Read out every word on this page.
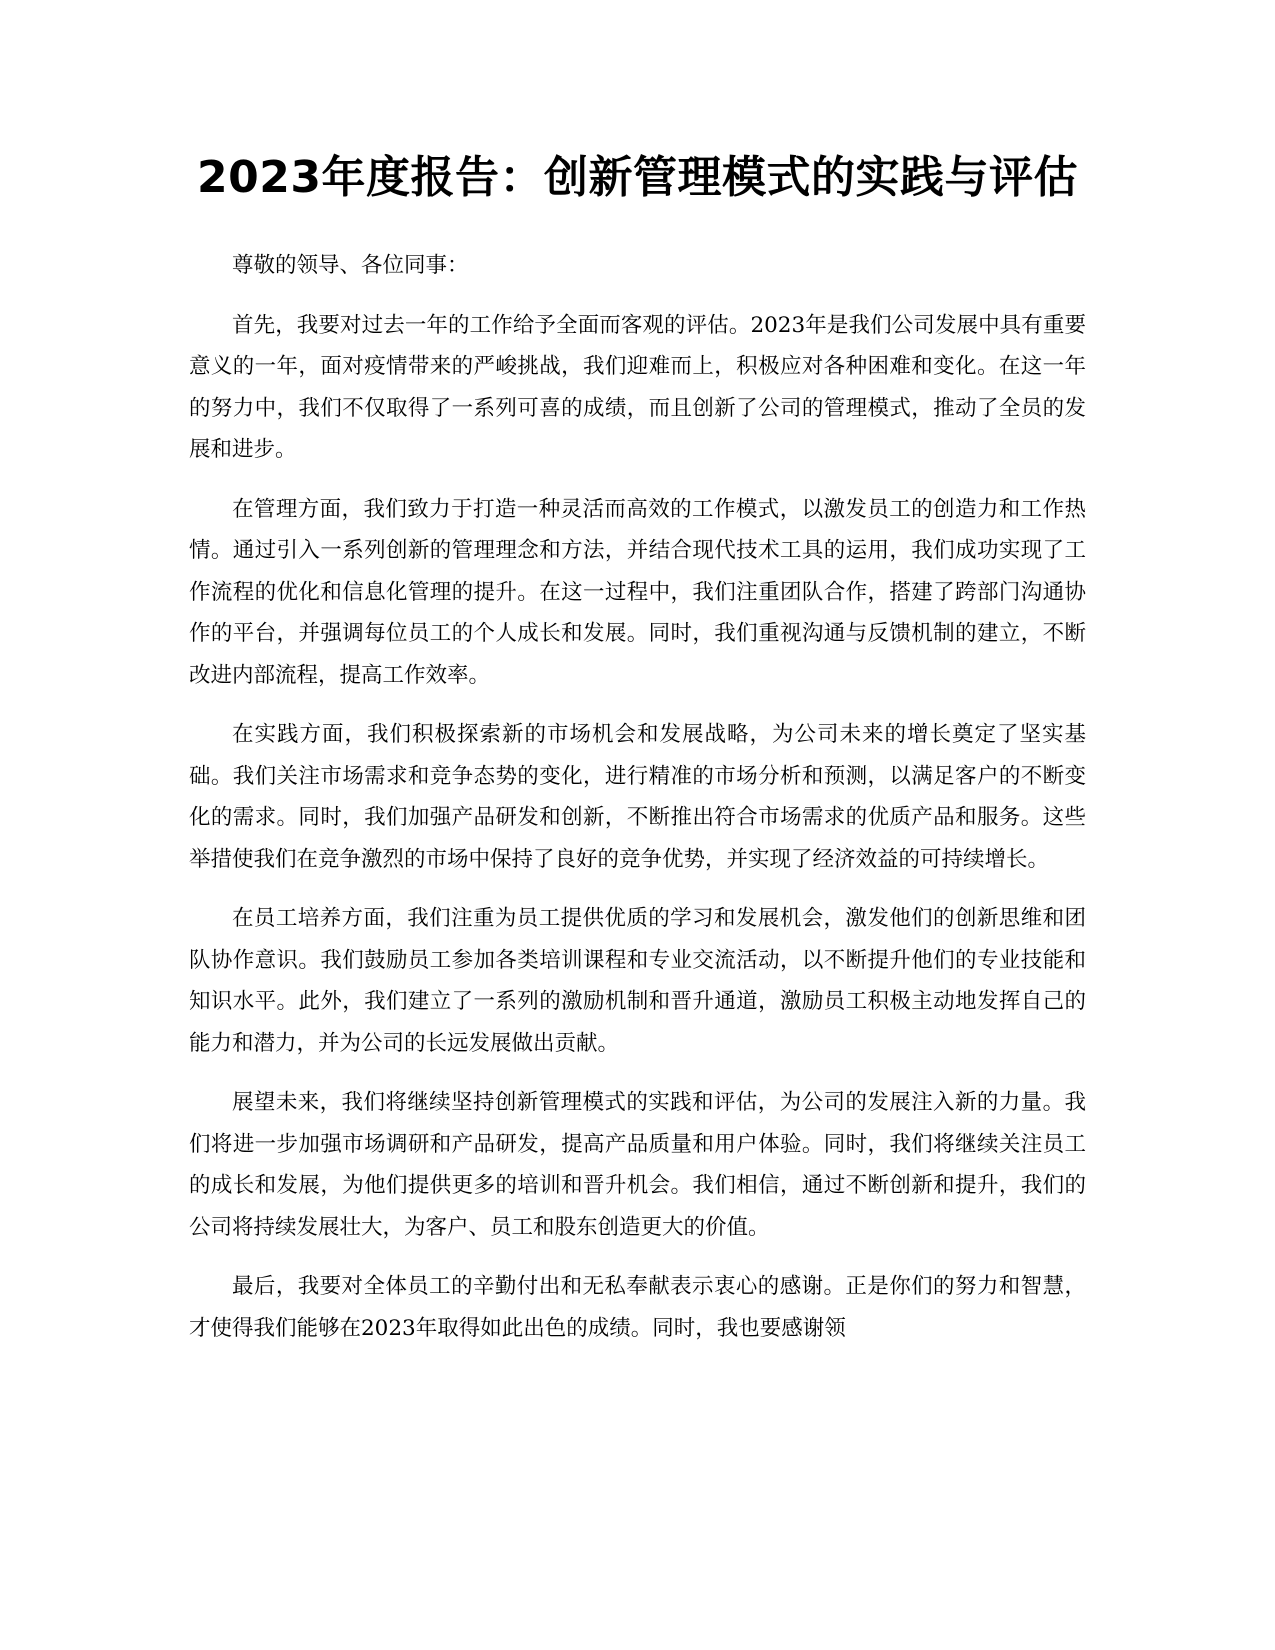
2023年度报告：创新管理模式的实践与评估

尊敬的领导、各位同事：

首先，我要对过去一年的工作给予全面而客观的评估。2023年是我们公司发展中具有重要意义的一年，面对疫情带来的严峻挑战，我们迎难而上，积极应对各种困难和变化。在这一年的努力中，我们不仅取得了一系列可喜的成绩，而且创新了公司的管理模式，推动了全员的发展和进步。

在管理方面，我们致力于打造一种灵活而高效的工作模式，以激发员工的创造力和工作热情。通过引入一系列创新的管理理念和方法，并结合现代技术工具的运用，我们成功实现了工作流程的优化和信息化管理的提升。在这一过程中，我们注重团队合作，搭建了跨部门沟通协作的平台，并强调每位员工的个人成长和发展。同时，我们重视沟通与反馈机制的建立，不断改进内部流程，提高工作效率。

在实践方面，我们积极探索新的市场机会和发展战略，为公司未来的增长奠定了坚实基础。我们关注市场需求和竞争态势的变化，进行精准的市场分析和预测，以满足客户的不断变化的需求。同时，我们加强产品研发和创新，不断推出符合市场需求的优质产品和服务。这些举措使我们在竞争激烈的市场中保持了良好的竞争优势，并实现了经济效益的可持续增长。

在员工培养方面，我们注重为员工提供优质的学习和发展机会，激发他们的创新思维和团队协作意识。我们鼓励员工参加各类培训课程和专业交流活动，以不断提升他们的专业技能和知识水平。此外，我们建立了一系列的激励机制和晋升通道，激励员工积极主动地发挥自己的能力和潜力，并为公司的长远发展做出贡献。

展望未来，我们将继续坚持创新管理模式的实践和评估，为公司的发展注入新的力量。我们将进一步加强市场调研和产品研发，提高产品质量和用户体验。同时，我们将继续关注员工的成长和发展，为他们提供更多的培训和晋升机会。我们相信，通过不断创新和提升，我们的公司将持续发展壮大，为客户、员工和股东创造更大的价值。

最后，我要对全体员工的辛勤付出和无私奉献表示衷心的感谢。正是你们的努力和智慧，才使得我们能够在2023年取得如此出色的成绩。同时，我也要感谢领
